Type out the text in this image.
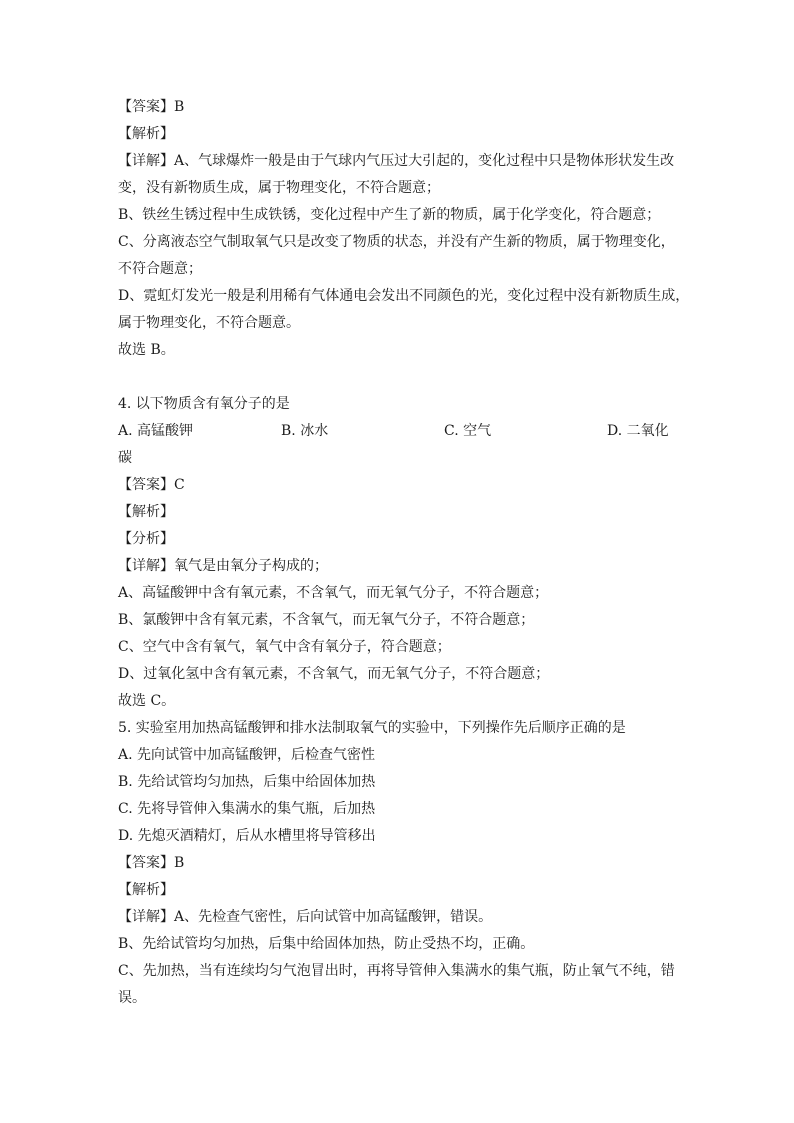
【答案】B
【解析】
【详解】A、气球爆炸一般是由于气球内气压过大引起的，变化过程中只是物体形状发生改
变，没有新物质生成，属于物理变化，不符合题意；
B、铁丝生锈过程中生成铁锈，变化过程中产生了新的物质，属于化学变化，符合题意；
C、分离液态空气制取氧气只是改变了物质的状态，并没有产生新的物质，属于物理变化，
不符合题意；
D、霓虹灯发光一般是利用稀有气体通电会发出不同颜色的光，变化过程中没有新物质生成，
属于物理变化，不符合题意。
故选 B。
4. 以下物质含有氧分子的是
A. 高锰酸钾	B. 冰水	C. 空气	D. 二氧化
碳
【答案】C
【解析】
【分析】
【详解】氧气是由氧分子构成的；
A、高锰酸钾中含有氧元素，不含氧气，而无氧气分子，不符合题意；
B、氯酸钾中含有氧元素，不含氧气，而无氧气分子，不符合题意；
C、空气中含有氧气，氧气中含有氧分子，符合题意；
D、过氧化氢中含有氧元素，不含氧气，而无氧气分子，不符合题意；
故选 C。
5. 实验室用加热高锰酸钾和排水法制取氧气的实验中，下列操作先后顺序正确的是
A. 先向试管中加高锰酸钾，后检查气密性
B. 先给试管均匀加热，后集中给固体加热
C. 先将导管伸入集满水的集气瓶，后加热
D. 先熄灭酒精灯，后从水槽里将导管移出
【答案】B
【解析】
【详解】A、先检查气密性，后向试管中加高锰酸钾，错误。
B、先给试管均匀加热，后集中给固体加热，防止受热不均，正确。
C、先加热，当有连续均匀气泡冒出时，再将导管伸入集满水的集气瓶，防止氧气不纯，错
误。
